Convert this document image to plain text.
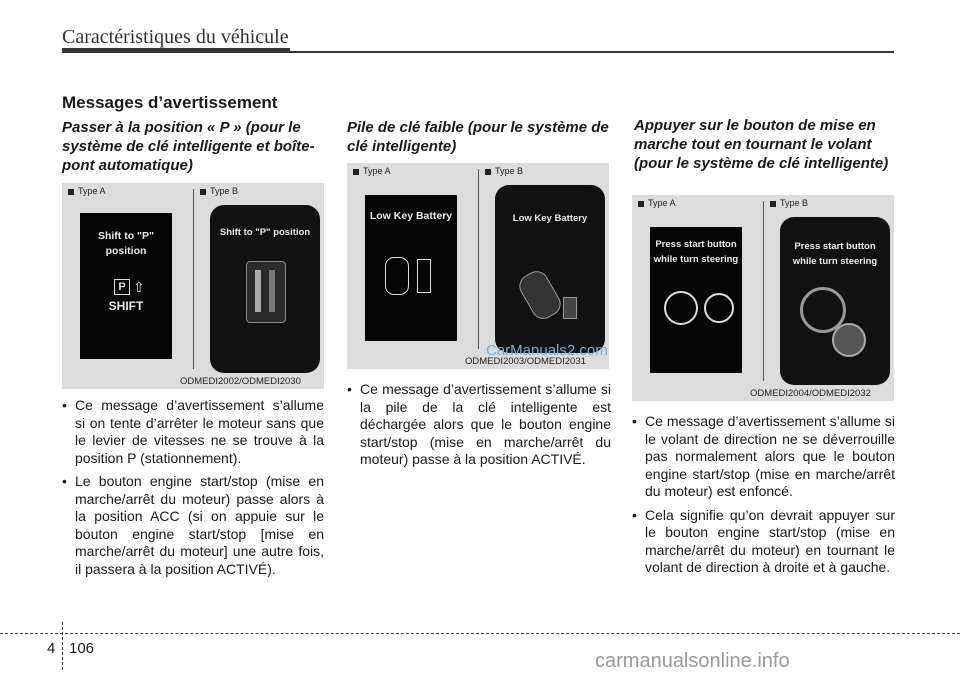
Caractéristiques du véhicule
Messages d’avertissement
Passer à la position « P » (pour le système de clé intelligente et boîte-pont automatique)
Type A	Type B
Shift to "P" position
P ⇧
SHIFT
Shift to "P" position
ODMEDI2002/ODMEDI2030
• Ce message d’avertissement s’allume si on tente d’arrêter le moteur sans que le levier de vitesses ne se trouve à la position P (stationnement).
• Le bouton engine start/stop (mise en marche/arrêt du moteur) passe alors à la position ACC (si on appuie sur le bouton engine start/stop [mise en marche/arrêt du moteur] une autre fois, il passera à la position ACTIVÉ).
Pile de clé faible (pour le système de clé intelligente)
Type A	Type B
Low Key Battery	Low Key Battery
ODMEDI2003/ODMEDI2031
• Ce message d’avertissement s’allume si la pile de la clé intelligente est déchargée alors que le bouton engine start/stop (mise en marche/arrêt du moteur) passe à la position ACTIVÉ.
Appuyer sur le bouton de mise en marche tout en tournant le volant (pour le système de clé intelligente)
Type A	Type B
Press start button while turn steering
Press start button while turn steering
ODMEDI2004/ODMEDI2032
• Ce message d’avertissement s’allume si le volant de direction ne se déverrouille pas normalement alors que le bouton engine start/stop (mise en marche/arrêt du moteur) est enfoncé.
• Cela signifie qu’on devrait appuyer sur le bouton engine start/stop (mise en marche/arrêt du moteur) en tournant le volant de direction à droite et à gauche.
4 106
CarManuals2.com
carmanualsonline.info
